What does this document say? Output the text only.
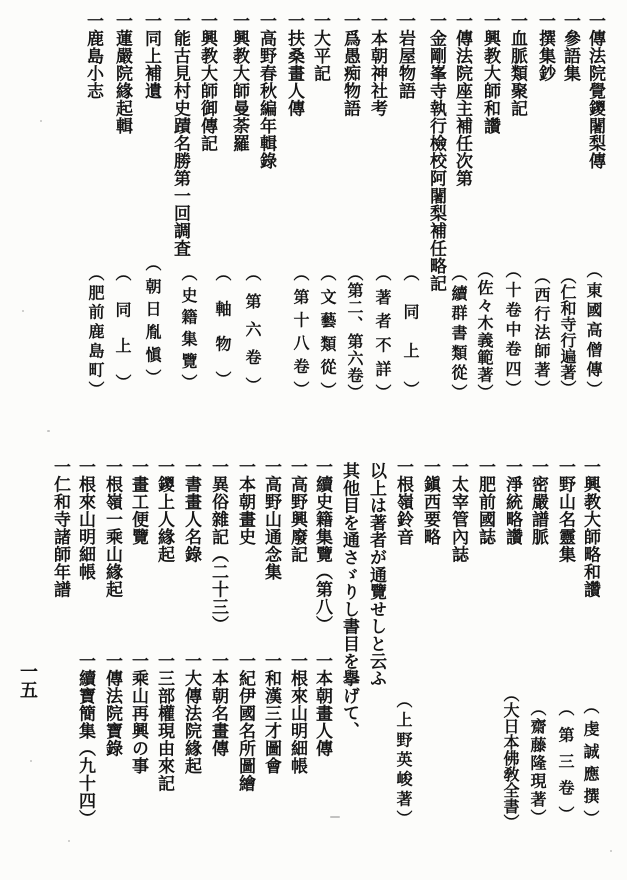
一傳法院覺鑁闍梨傳
一參語集
一撰集鈔
一血脈類聚記
一興教大師和讚
一傳法院座主補任次第
一金剛峯寺執行檢校阿闍梨補任略記
一岩屋物語
一本朝神社考
一爲愚痴物語
一大平記
一扶桑畫人傳
一高野春秋編年輯錄
一興教大師曼荼羅
一興教大師御傳記
一能古見村史蹟名勝第一回調査
一同上補遺
一蓮嚴院緣起輯
一鹿島小志
（東國高僧傳）
（仁和寺行遍著）
（西行法師著）
（十卷中卷四）
（佐々木義範著）
（續群書類從）
（同上）
（著者不詳）
（第二、第六卷）
（文藝類從）
（第十八卷）
（第六卷）
（軸物）
（史籍集覽）
（朝日胤愼）
（同上）
（肥前鹿島町）
一興教大師略和讚
一野山名靈集
一密嚴譜脈
一淨統略讚
一肥前國誌
一太宰管內誌
一鎭西要略
一根嶺鈴音
（虔誠應撰）
（第三卷）
（齋藤隆現著）
（大日本佛敎全書）
（上野英峻著）
以上は著者が通覽せしと云ふ
其他目を通さゞりし書目を擧げて、
一續史籍集覽（第八）
一本朝畫人傳
一高野興廢記
一根來山明細帳
一高野山通念集
一和漢三才圖會
一本朝畫史
一紀伊國名所圖繪
一異俗雜記（二十三）
一本朝名畫傳
一書畫人名錄
一大傳法院緣起
一鑁上人緣起
一三部權現由來記
一畫工便覽
一乘山再興の事
一根嶺一乘山緣起
一傳法院寶錄
一根來山明細帳
一續寶簡集（九十四）
一仁和寺諸師年譜
一五
